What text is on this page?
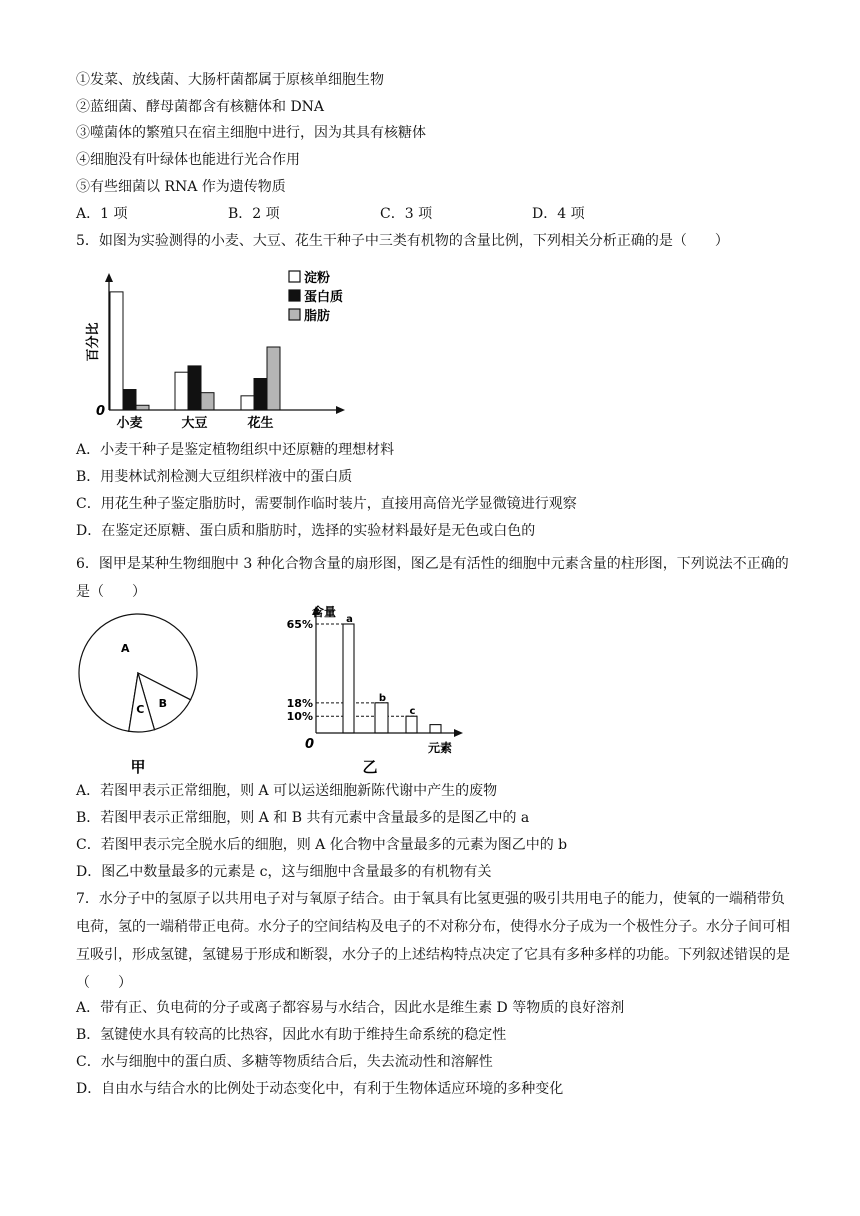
①发菜、放线菌、大肠杆菌都属于原核单细胞生物
②蓝细菌、酵母菌都含有核糖体和 DNA
③噬菌体的繁殖只在宿主细胞中进行，因为其具有核糖体
④细胞没有叶绿体也能进行光合作用
⑤有些细菌以 RNA 作为遗传物质
A．1 项	B．2 项	C．3 项	D．4 项
5．如图为实验测得的小麦、大豆、花生干种子中三类有机物的含量比例，下列相关分析正确的是（　　）
百分比
0
小麦	大豆	花生
淀粉
蛋白质
脂肪
A．小麦干种子是鉴定植物组织中还原糖的理想材料
B．用斐林试剂检测大豆组织样液中的蛋白质
C．用花生种子鉴定脂肪时，需要制作临时装片，直接用高倍光学显微镜进行观察
D．在鉴定还原糖、蛋白质和脂肪时，选择的实验材料最好是无色或白色的
6．图甲是某种生物细胞中 3 种化合物含量的扇形图，图乙是有活性的细胞中元素含量的柱形图，下列说法不正确的是（　　）
A
B
C
甲
a
b
c
含量
元素
0
65%
18%
10%
乙
A．若图甲表示正常细胞，则 A 可以运送细胞新陈代谢中产生的废物
B．若图甲表示正常细胞，则 A 和 B 共有元素中含量最多的是图乙中的 a
C．若图甲表示完全脱水后的细胞，则 A 化合物中含量最多的元素为图乙中的 b
D．图乙中数量最多的元素是 c，这与细胞中含量最多的有机物有关
7．水分子中的氢原子以共用电子对与氧原子结合。由于氧具有比氢更强的吸引共用电子的能力，使氧的一端稍带负电荷，氢的一端稍带正电荷。水分子的空间结构及电子的不对称分布，使得水分子成为一个极性分子。水分子间可相互吸引，形成氢键，氢键易于形成和断裂，水分子的上述结构特点决定了它具有多种多样的功能。下列叙述错误的是（　　）
A．带有正、负电荷的分子或离子都容易与水结合，因此水是维生素 D 等物质的良好溶剂
B．氢键使水具有较高的比热容，因此水有助于维持生命系统的稳定性
C．水与细胞中的蛋白质、多糖等物质结合后，失去流动性和溶解性
D．自由水与结合水的比例处于动态变化中，有利于生物体适应环境的多种变化
